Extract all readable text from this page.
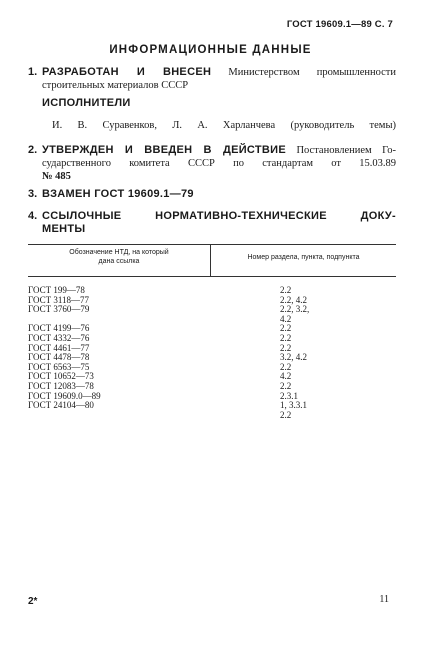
ГОСТ 19609.1—89 С. 7
ИНФОРМАЦИОННЫЕ ДАННЫЕ
1. РАЗРАБОТАН И ВНЕСЕН Министерством промышленности
строительных материалов СССР
ИСПОЛНИТЕЛИ
И. В. Суравенков, Л. А. Харланчева (руководитель темы)
2. УТВЕРЖДЕН И ВВЕДЕН В ДЕЙСТВИЕ Постановлением Го-
сударственного комитета СССР по стандартам от 15.03.89
№ 485
3. ВЗАМЕН ГОСТ 19609.1—79
4. ССЫЛОЧНЫЕ НОРМАТИВНО-ТЕХНИЧЕСКИЕ ДОКУ-
МЕНТЫ
Обозначение НТД, на который
дана ссылка	Номер раздела, пункта, подпункта
ГОСТ 199—78
ГОСТ 3118—77
ГОСТ 3760—79

ГОСТ 4199—76
ГОСТ 4332—76
ГОСТ 4461—77
ГОСТ 4478—78
ГОСТ 6563—75
ГОСТ 10652—73
ГОСТ 12083—78
ГОСТ 19609.0—89
ГОСТ 24104—80

2.2
2.2, 4.2
2.2, 3.2,
4.2
2.2
2.2
2.2
3.2, 4.2
2.2
4.2
2.2
2.3.1
1, 3.3.1
2.2
2*	11
